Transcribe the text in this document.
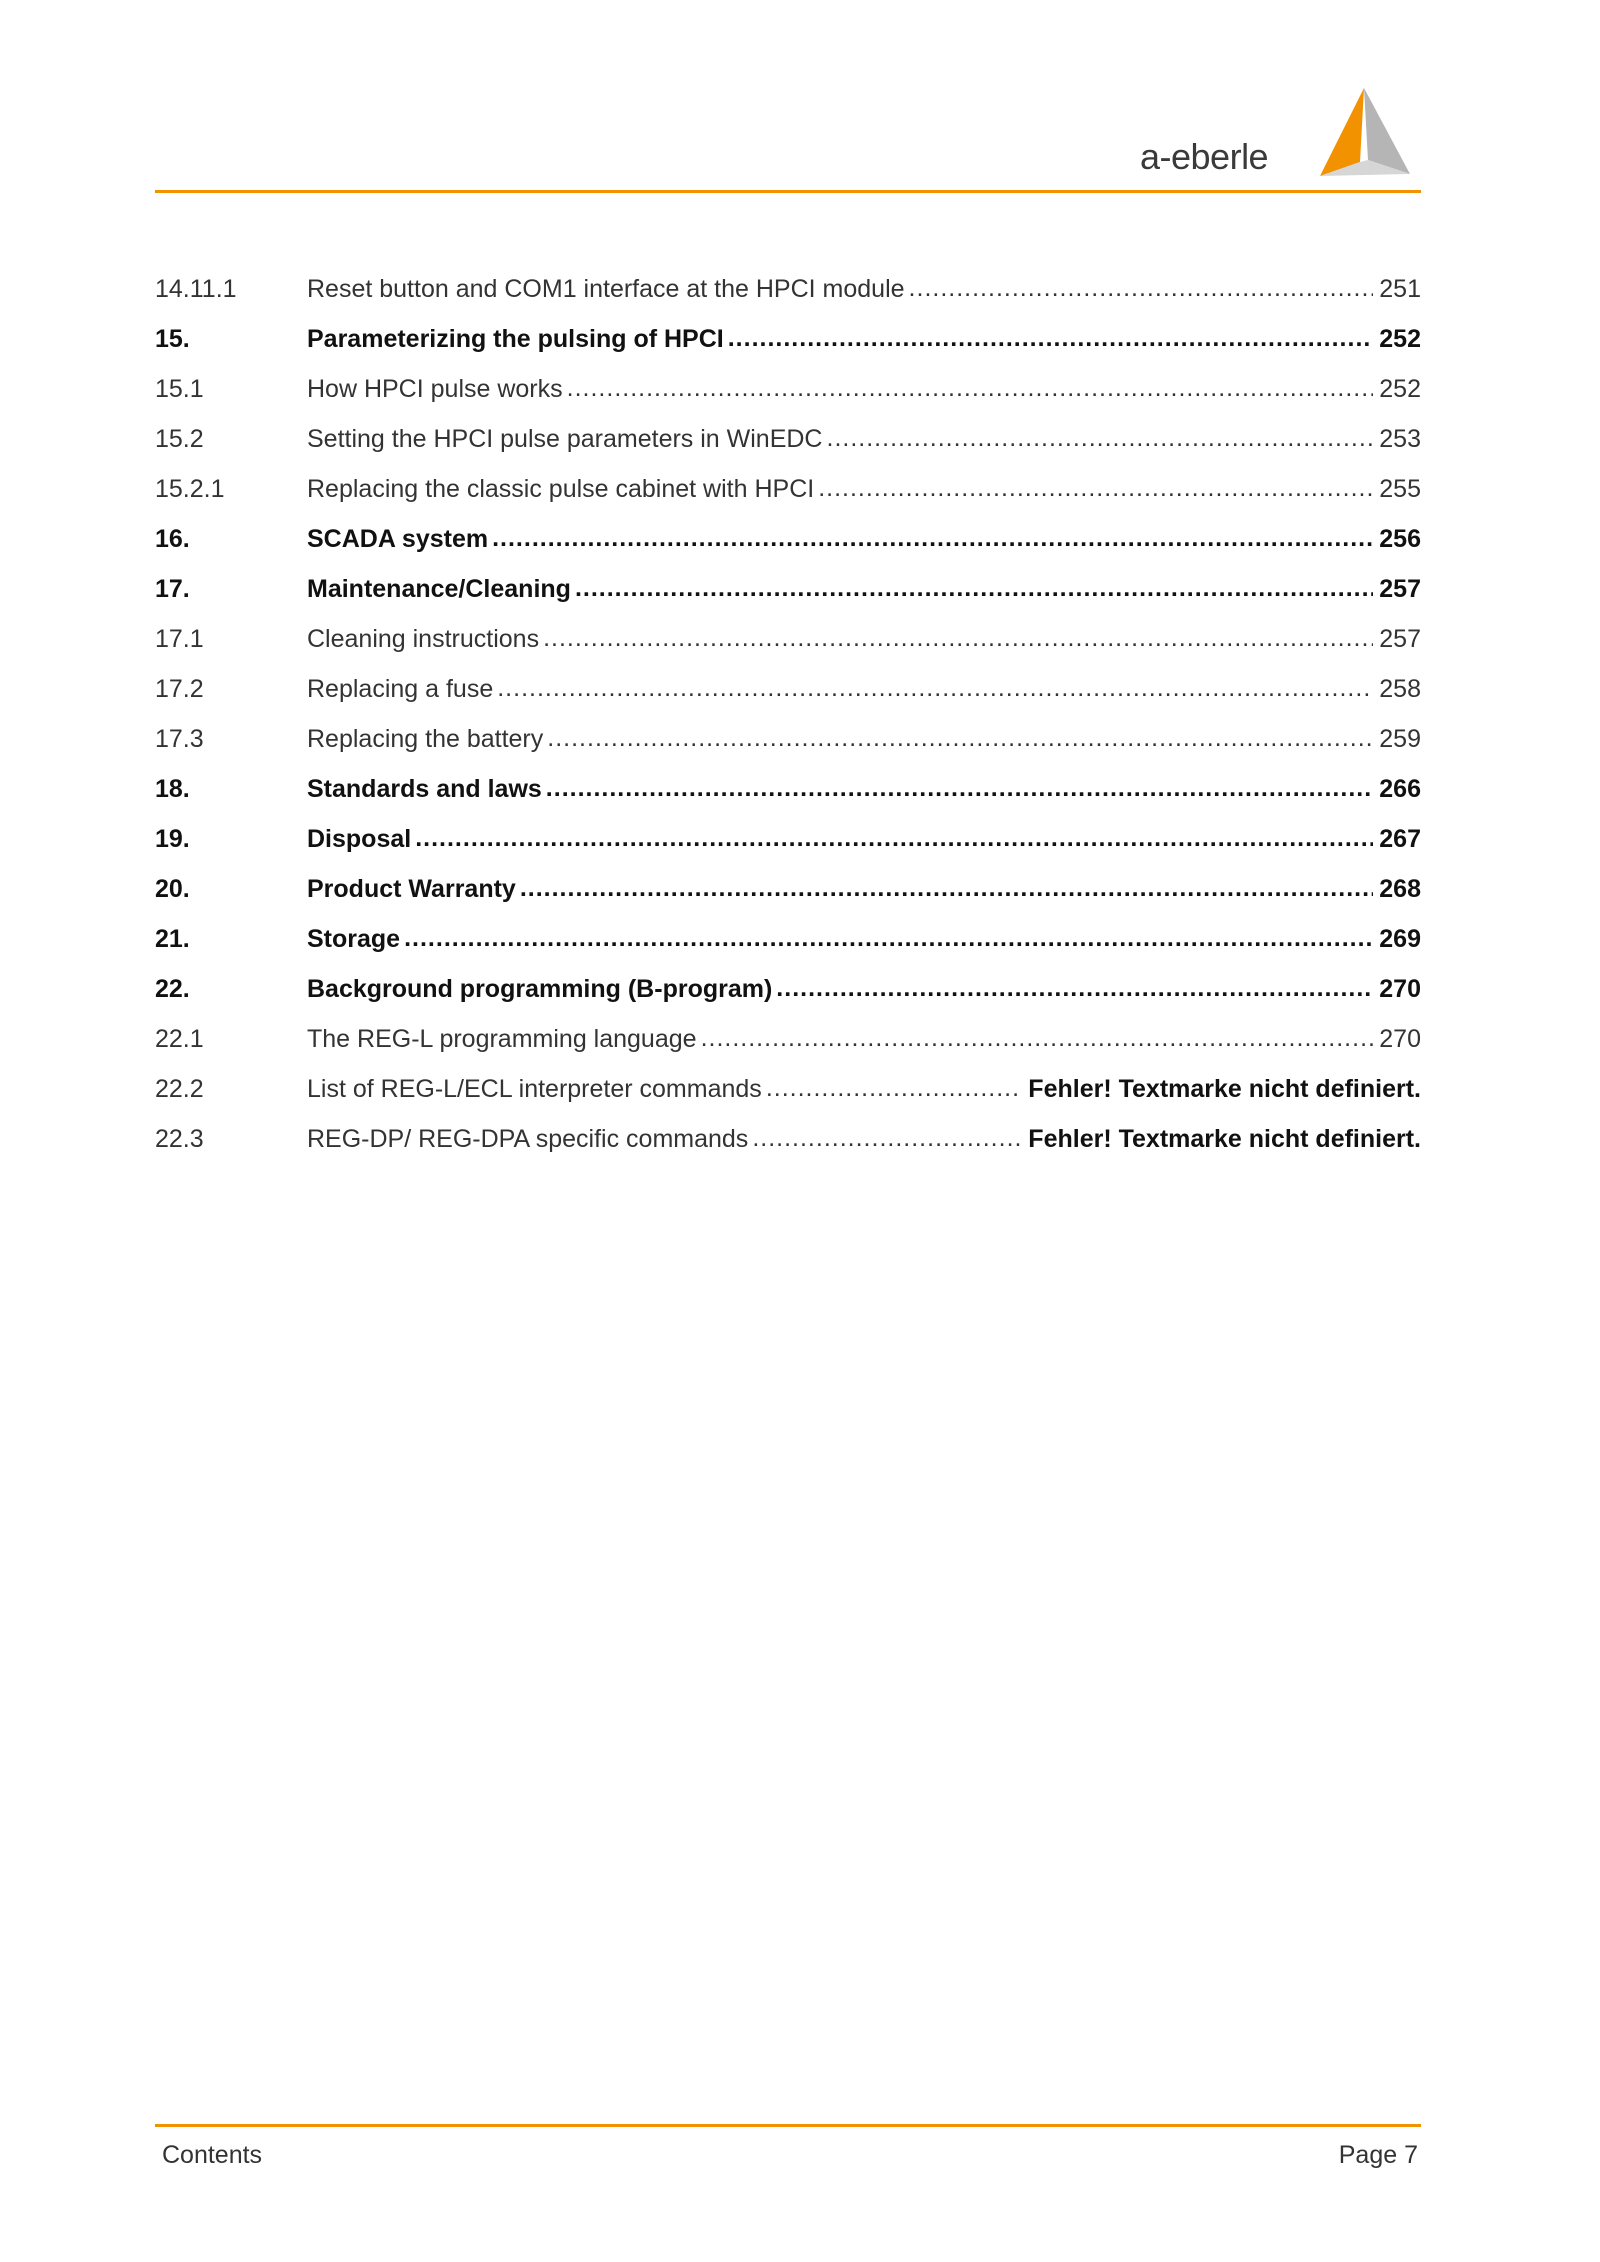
a-eberle
14.11.1	Reset button and COM1 interface at the HPCI module .....	251
15.	Parameterizing the pulsing of HPCI .....	252
15.1	How HPCI pulse works .....	252
15.2	Setting the HPCI pulse parameters in WinEDC .....	253
15.2.1	Replacing the classic pulse cabinet with HPCI .....	255
16.	SCADA system .....	256
17.	Maintenance/Cleaning .....	257
17.1	Cleaning instructions .....	257
17.2	Replacing a fuse .....	258
17.3	Replacing the battery .....	259
18.	Standards and laws .....	266
19.	Disposal .....	267
20.	Product Warranty .....	268
21.	Storage .....	269
22.	Background programming (B-program) .....	270
22.1	The REG-L programming language .....	270
22.2	List of REG-L/ECL interpreter commands .....	Fehler! Textmarke nicht definiert.
22.3	REG-DP/ REG-DPA specific commands .....	Fehler! Textmarke nicht definiert.
Contents	Page 7
